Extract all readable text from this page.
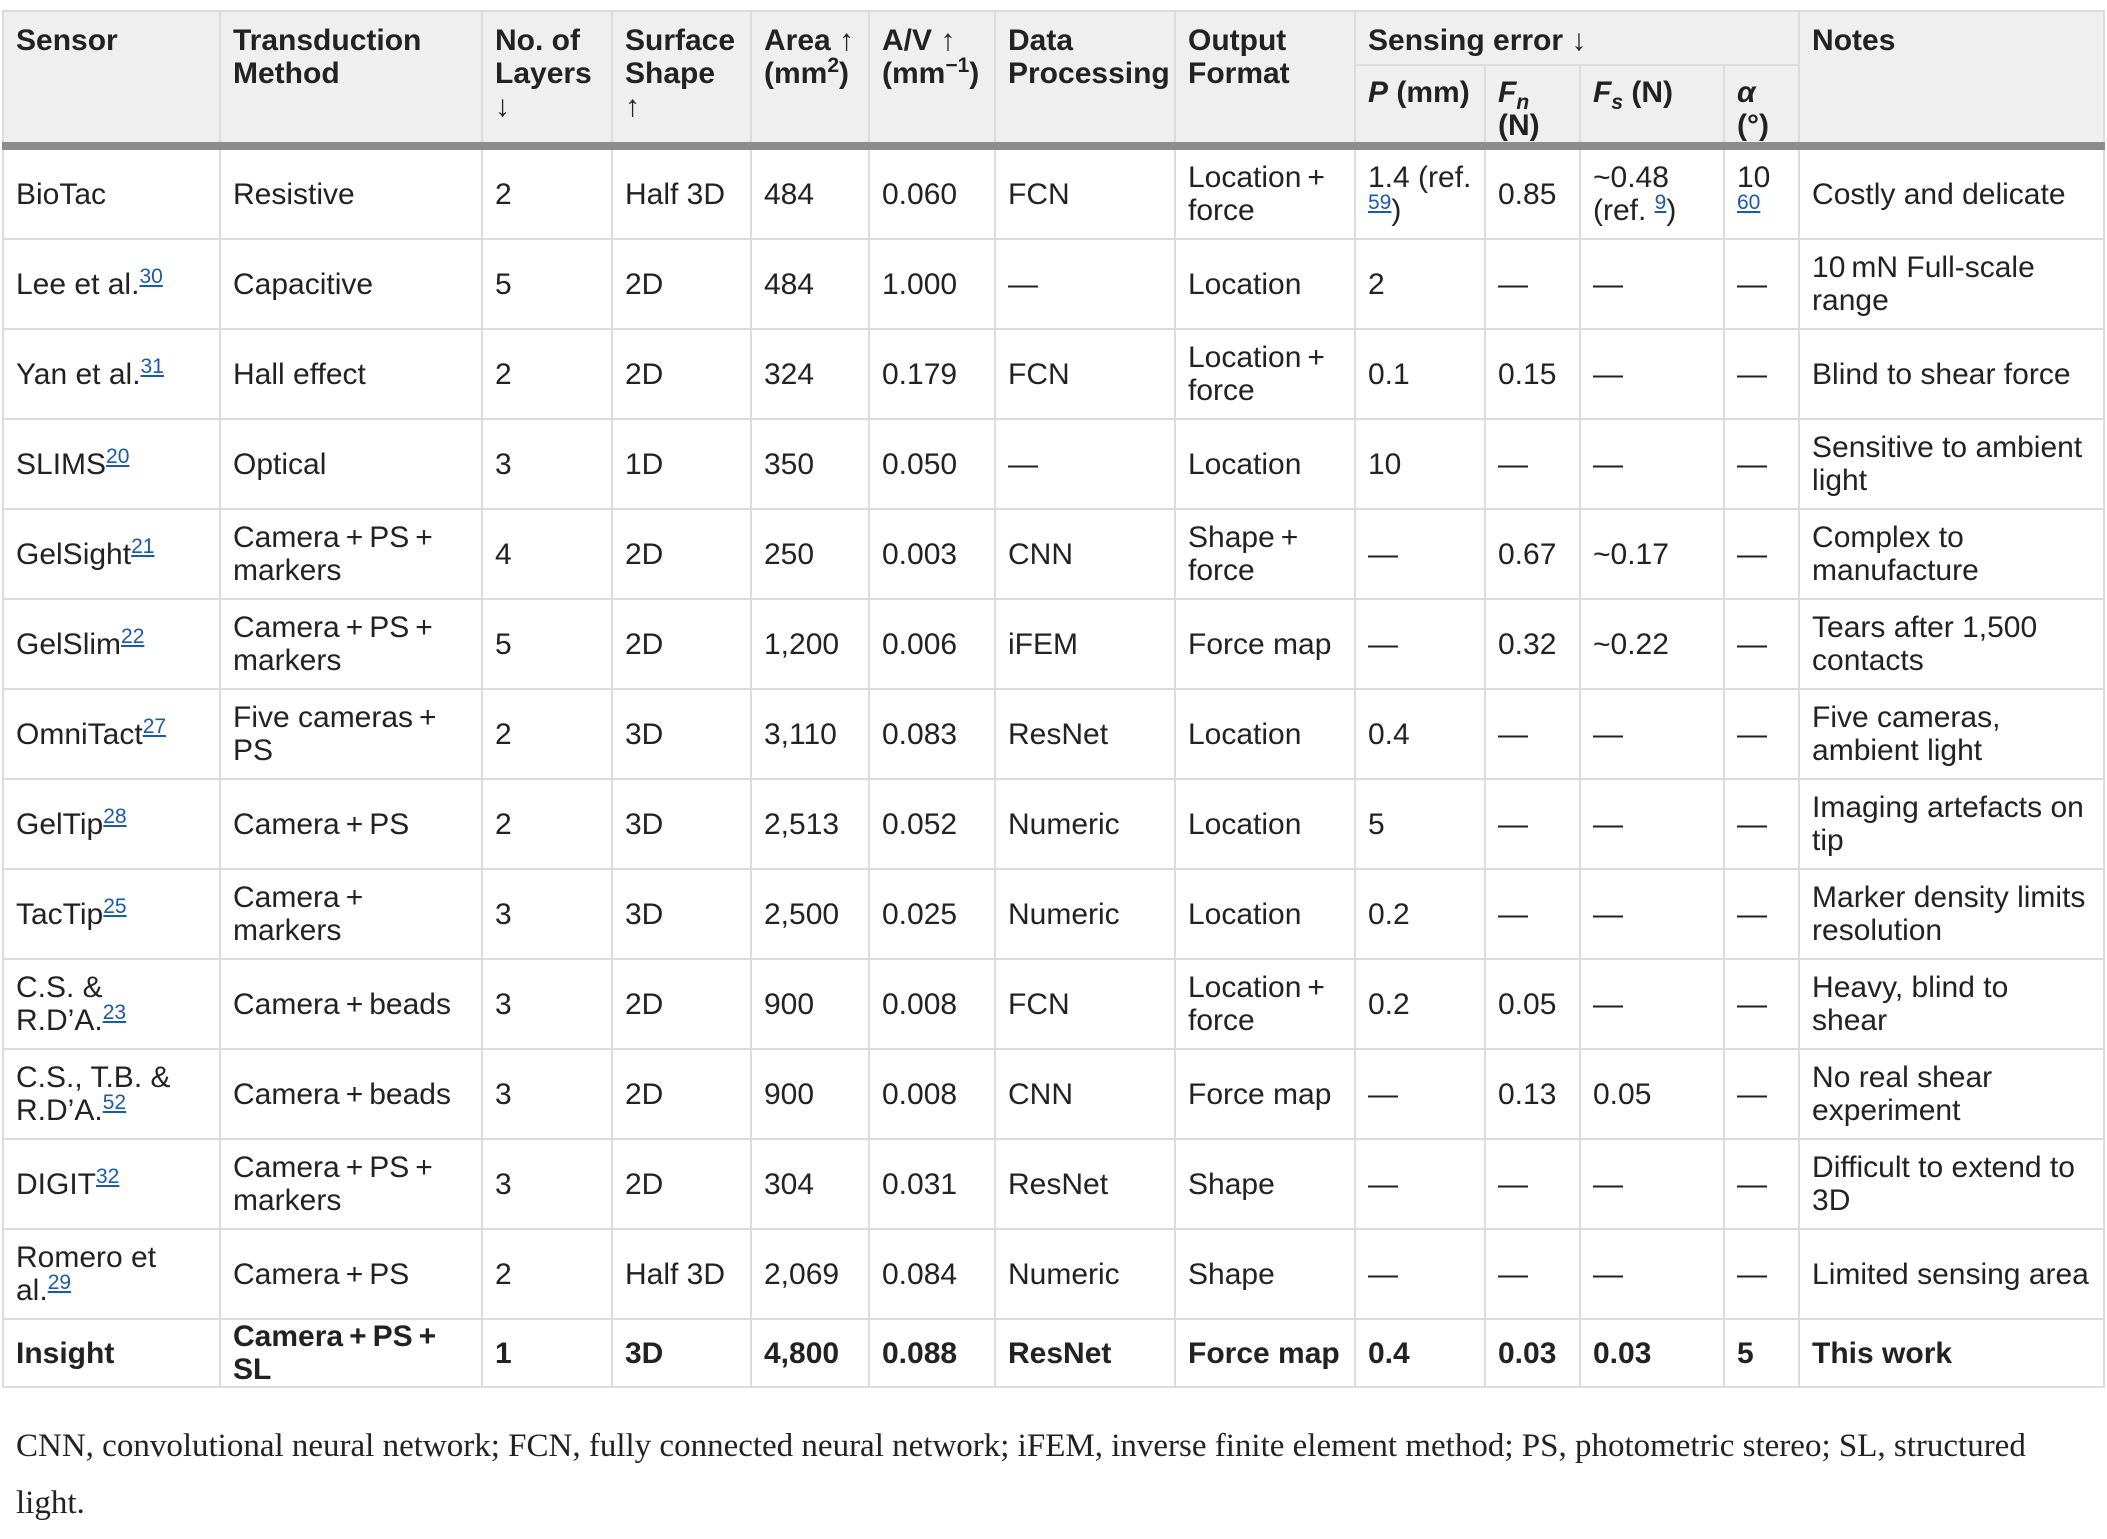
Sensor	Transduction Method	No. of Layers ↓	Surface Shape ↑	Area ↑ $(mm^2)$	A/V ↑ $(mm^{-1})$	Data Processing	Output Format	Sensing error ↓				Notes
								P (mm)	$F_n$ (N)	$F_s$ (N)	α (°)	
BioTac	Resistive	2	Half 3D	484	0.060	FCN	Location + force	1.4 (ref. $^{59}$)	0.85	~0.48 (ref. $^9$)	10 $^{60}$	Costly and delicate
Lee et al.$^{30}$	Capacitive	5	2D	484	1.000	—	Location	2	—	—	—	10 mN Full-scale range
Yan et al.$^{31}$	Hall effect	2	2D	324	0.179	FCN	Location + force	0.1	0.15	—	—	Blind to shear force
SLIMS$^{20}$	Optical	3	1D	350	0.050	—	Location	10	—	—	—	Sensitive to ambient light
GelSight$^{21}$	Camera + PS + markers	4	2D	250	0.003	CNN	Shape + force	—	0.67	~0.17	—	Complex to manufacture
GelSlim$^{22}$	Camera + PS + markers	5	2D	1,200	0.006	iFEM	Force map	—	0.32	~0.22	—	Tears after 1,500 contacts
OmniTact$^{27}$	Five cameras + PS	2	3D	3,110	0.083	ResNet	Location	0.4	—	—	—	Five cameras, ambient light
GelTip$^{28}$	Camera + PS	2	3D	2,513	0.052	Numeric	Location	5	—	—	—	Imaging artefacts on tip
TacTip$^{25}$	Camera + markers	3	3D	2,500	0.025	Numeric	Location	0.2	—	—	—	Marker density limits resolution
C.S. & R.D’A.$^{23}$	Camera + beads	3	2D	900	0.008	FCN	Location + force	0.2	0.05	—	—	Heavy, blind to shear
C.S., T.B. & R.D’A.$^{52}$	Camera + beads	3	2D	900	0.008	CNN	Force map	—	0.13	0.05	—	No real shear experiment
DIGIT$^{32}$	Camera + PS + markers	3	2D	304	0.031	ResNet	Shape	—	—	—	—	Difficult to extend to 3D
Romero et al.$^{29}$	Camera + PS	2	Half 3D	2,069	0.084	Numeric	Shape	—	—	—	—	Limited sensing area
Insight	Camera + PS + SL	1	3D	4,800	0.088	ResNet	Force map	0.4	0.03	0.03	5	This work
CNN, convolutional neural network; FCN, fully connected neural network; iFEM, inverse finite element method; PS, photometric stereo; SL, structured light.
